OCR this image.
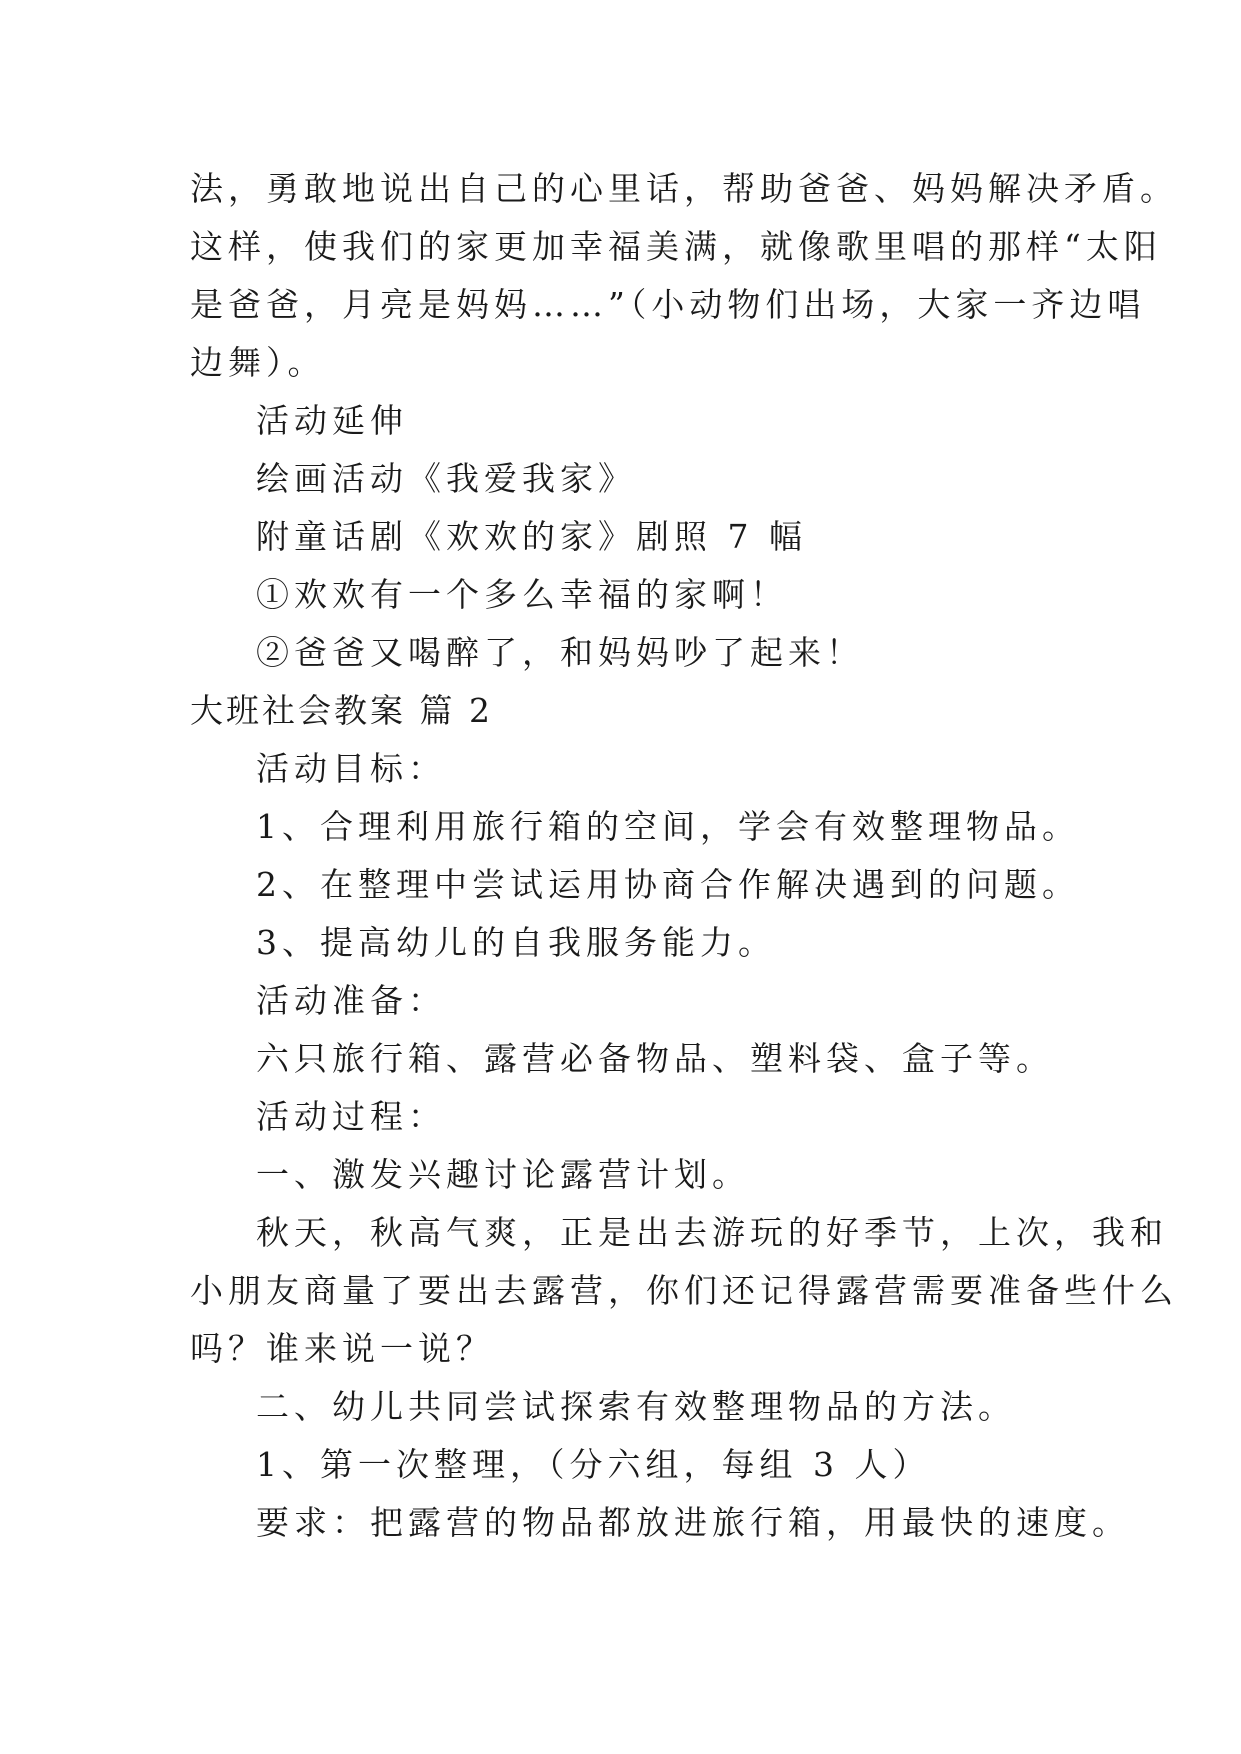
法，勇敢地说出自己的心里话，帮助爸爸、妈妈解决矛盾。
这样，使我们的家更加幸福美满，就像歌里唱的那样“太阳
是爸爸，月亮是妈妈……”（小动物们出场，大家一齐边唱
边舞）。
活动延伸
绘画活动《我爱我家》
附童话剧《欢欢的家》剧照 7 幅
①欢欢有一个多么幸福的家啊！
②爸爸又喝醉了，和妈妈吵了起来！
大班社会教案 篇 2
活动目标：
1、合理利用旅行箱的空间，学会有效整理物品。
2、在整理中尝试运用协商合作解决遇到的问题。
3、提高幼儿的自我服务能力。
活动准备：
六只旅行箱、露营必备物品、塑料袋、盒子等。
活动过程：
一、激发兴趣讨论露营计划。
秋天，秋高气爽，正是出去游玩的好季节，上次，我和
小朋友商量了要出去露营，你们还记得露营需要准备些什么
吗？谁来说一说？
二、幼儿共同尝试探索有效整理物品的方法。
1、第一次整理，（分六组，每组 3 人）
要求：把露营的物品都放进旅行箱，用最快的速度。
